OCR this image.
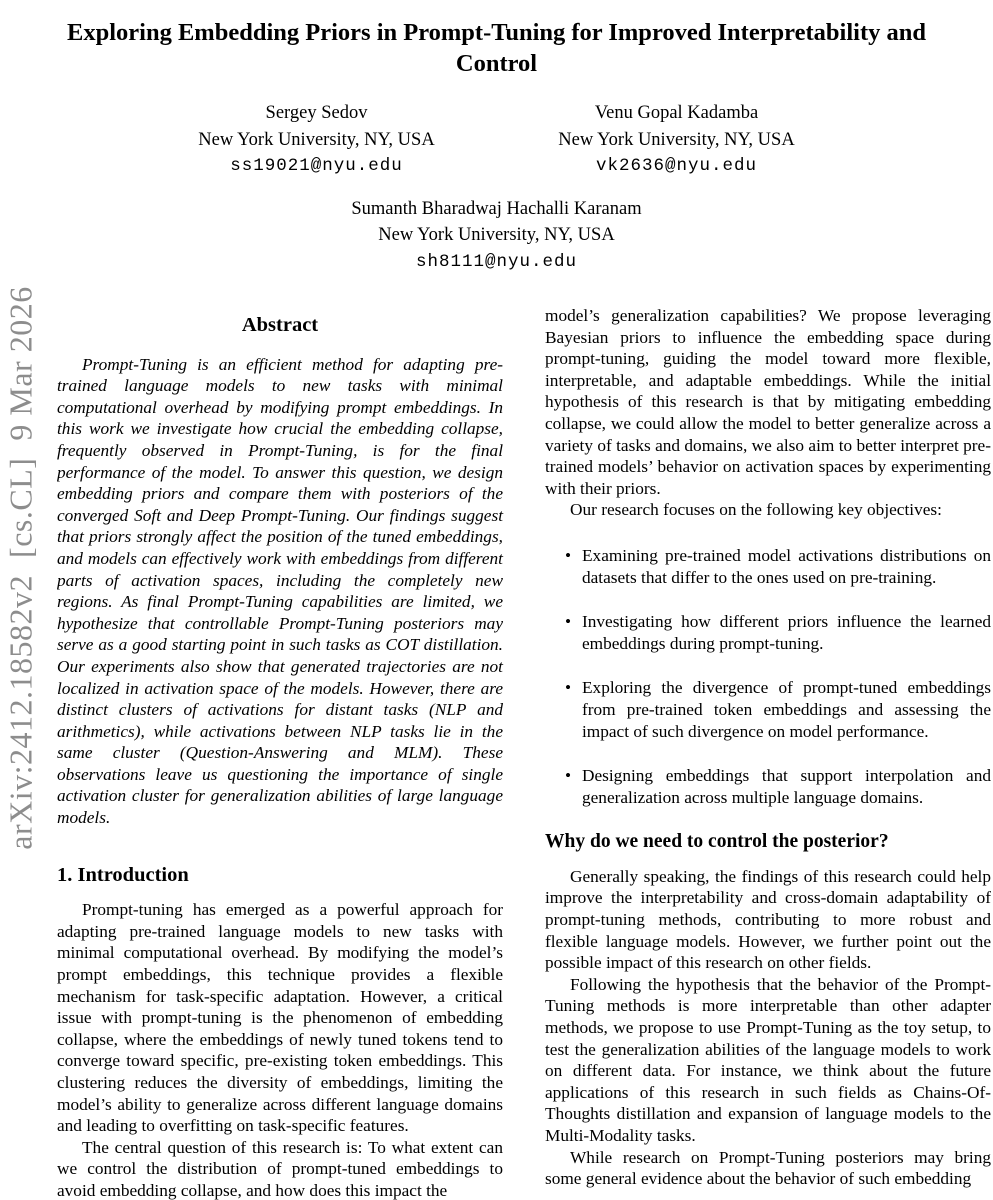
arXiv:2412.18582v2  [cs.CL]  9 Mar 2026
Exploring Embedding Priors in Prompt-Tuning for Improved Interpretability and Control
Sergey Sedov
New York University, NY, USA
ss19021@nyu.edu
Venu Gopal Kadamba
New York University, NY, USA
vk2636@nyu.edu
Sumanth Bharadwaj Hachalli Karanam
New York University, NY, USA
sh8111@nyu.edu
Abstract

Prompt-Tuning is an efficient method for adapting pre-trained language models to new tasks with minimal computational overhead by modifying prompt embeddings. In this work we investigate how crucial the embedding collapse, frequently observed in Prompt-Tuning, is for the final performance of the model. To answer this question, we design embedding priors and compare them with posteriors of the converged Soft and Deep Prompt-Tuning. Our findings suggest that priors strongly affect the position of the tuned embeddings, and models can effectively work with embeddings from different parts of activation spaces, including the completely new regions. As final Prompt-Tuning capabilities are limited, we hypothesize that controllable Prompt-Tuning posteriors may serve as a good starting point in such tasks as COT distillation. Our experiments also show that generated trajectories are not localized in activation space of the models. However, there are distinct clusters of activations for distant tasks (NLP and arithmetics), while activations between NLP tasks lie in the same cluster (Question-Answering and MLM). These observations leave us questioning the importance of single activation cluster for generalization abilities of large language models.

1. Introduction

Prompt-tuning has emerged as a powerful approach for adapting pre-trained language models to new tasks with minimal computational overhead. By modifying the model’s prompt embeddings, this technique provides a flexible mechanism for task-specific adaptation. However, a critical issue with prompt-tuning is the phenomenon of embedding collapse, where the embeddings of newly tuned tokens tend to converge toward specific, pre-existing token embeddings. This clustering reduces the diversity of embeddings, limiting the model’s ability to generalize across different language domains and leading to overfitting on task-specific features.

The central question of this research is: To what extent can we control the distribution of prompt-tuned embeddings to avoid embedding collapse, and how does this impact the

model’s generalization capabilities? We propose leveraging Bayesian priors to influence the embedding space during prompt-tuning, guiding the model toward more flexible, interpretable, and adaptable embeddings. While the initial hypothesis of this research is that by mitigating embedding collapse, we could allow the model to better generalize across a variety of tasks and domains, we also aim to better interpret pre-trained models’ behavior on activation spaces by experimenting with their priors.

Our research focuses on the following key objectives:

• Examining pre-trained model activations distributions on datasets that differ to the ones used on pre-training.
• Investigating how different priors influence the learned embeddings during prompt-tuning.
• Exploring the divergence of prompt-tuned embeddings from pre-trained token embeddings and assessing the impact of such divergence on model performance.
• Designing embeddings that support interpolation and generalization across multiple language domains.
Why do we need to control the posterior?

Generally speaking, the findings of this research could help improve the interpretability and cross-domain adaptability of prompt-tuning methods, contributing to more robust and flexible language models. However, we further point out the possible impact of this research on other fields.

Following the hypothesis that the behavior of the Prompt-Tuning methods is more interpretable than other adapter methods, we propose to use Prompt-Tuning as the toy setup, to test the generalization abilities of the language models to work on different data. For instance, we think about the future applications of this research in such fields as Chains-Of-Thoughts distillation and expansion of language models to the Multi-Modality tasks.

While research on Prompt-Tuning posteriors may bring some general evidence about the behavior of such embedding
